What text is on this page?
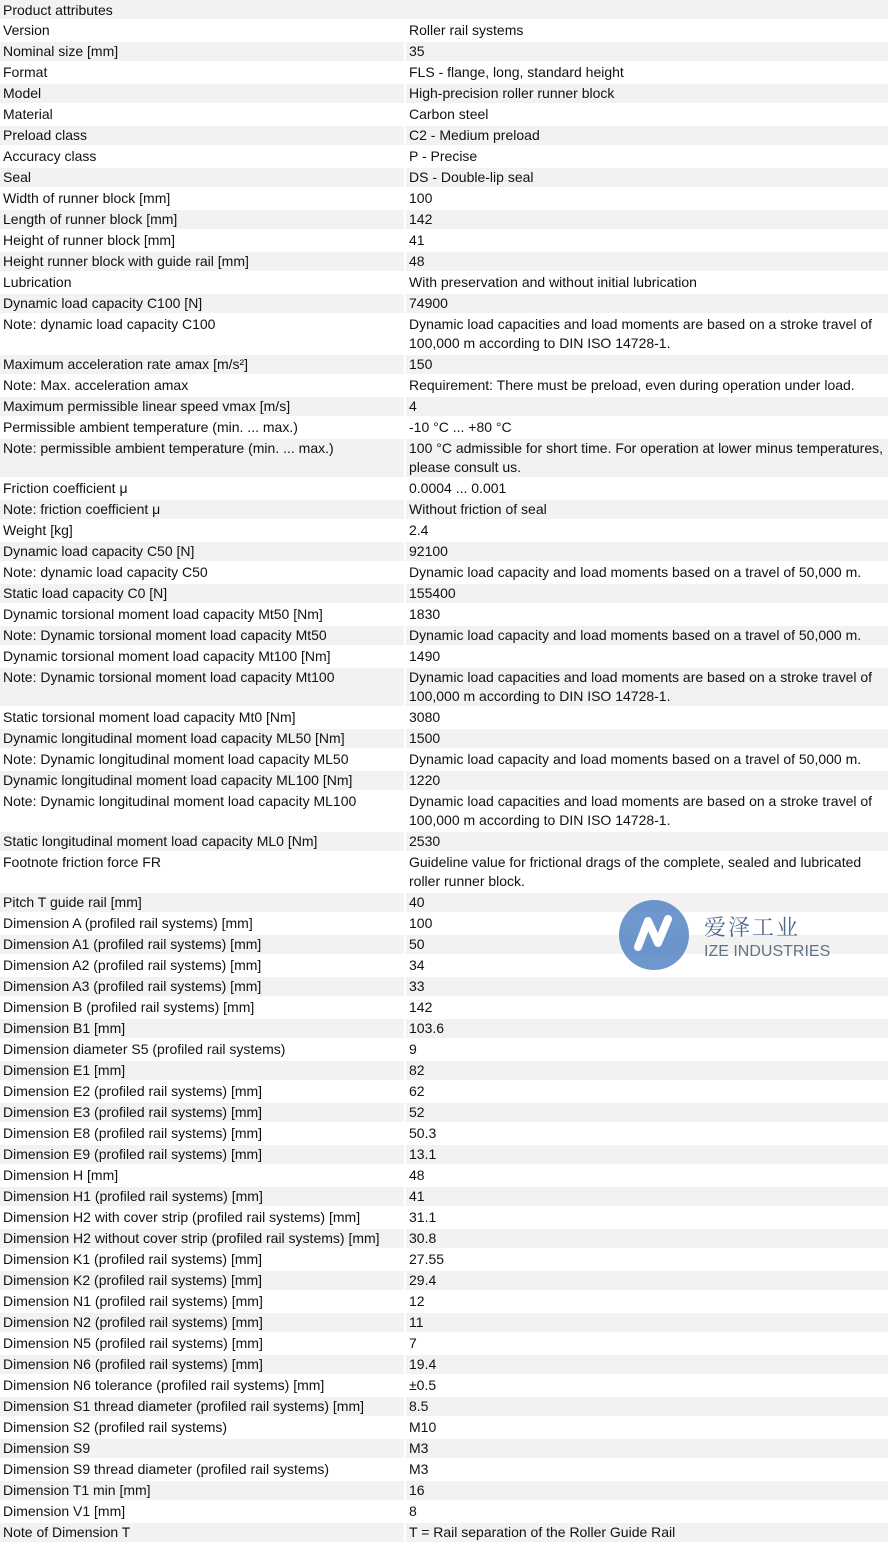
Product attributes
Version	Roller rail systems
Nominal size [mm]	35
Format	FLS - flange, long, standard height
Model	High-precision roller runner block
Material	Carbon steel
Preload class	C2 - Medium preload
Accuracy class	P - Precise
Seal	DS - Double-lip seal
Width of runner block [mm]	100
Length of runner block [mm]	142
Height of runner block [mm]	41
Height runner block with guide rail [mm]	48
Lubrication	With preservation and without initial lubrication
Dynamic load capacity C100 [N]	74900
Note: dynamic load capacity C100	Dynamic load capacities and load moments are based on a stroke travel of 100,000 m according to DIN ISO 14728-1.
Maximum acceleration rate amax [m/s²]	150
Note: Max. acceleration amax	Requirement: There must be preload, even during operation under load.
Maximum permissible linear speed vmax [m/s]	4
Permissible ambient temperature (min. ... max.)	-10 °C ... +80 °C
Note: permissible ambient temperature (min. ... max.)	100 °C admissible for short time. For operation at lower minus temperatures, please consult us.
Friction coefficient μ	0.0004 ... 0.001
Note: friction coefficient μ	Without friction of seal
Weight [kg]	2.4
Dynamic load capacity C50 [N]	92100
Note: dynamic load capacity C50	Dynamic load capacity and load moments based on a travel of 50,000 m.
Static load capacity C0 [N]	155400
Dynamic torsional moment load capacity Mt50 [Nm]	1830
Note: Dynamic torsional moment load capacity Mt50	Dynamic load capacity and load moments based on a travel of 50,000 m.
Dynamic torsional moment load capacity Mt100 [Nm]	1490
Note: Dynamic torsional moment load capacity Mt100	Dynamic load capacities and load moments are based on a stroke travel of 100,000 m according to DIN ISO 14728-1.
Static torsional moment load capacity Mt0 [Nm]	3080
Dynamic longitudinal moment load capacity ML50 [Nm]	1500
Note: Dynamic longitudinal moment load capacity ML50	Dynamic load capacity and load moments based on a travel of 50,000 m.
Dynamic longitudinal moment load capacity ML100 [Nm]	1220
Note: Dynamic longitudinal moment load capacity ML100	Dynamic load capacities and load moments are based on a stroke travel of 100,000 m according to DIN ISO 14728-1.
Static longitudinal moment load capacity ML0 [Nm]	2530
Footnote friction force FR	Guideline value for frictional drags of the complete, sealed and lubricated roller runner block.
Pitch T guide rail [mm]	40
Dimension A (profiled rail systems) [mm]	100
Dimension A1 (profiled rail systems) [mm]	50
Dimension A2 (profiled rail systems) [mm]	34
Dimension A3 (profiled rail systems) [mm]	33
Dimension B (profiled rail systems) [mm]	142
Dimension B1 [mm]	103.6
Dimension diameter S5 (profiled rail systems)	9
Dimension E1 [mm]	82
Dimension E2 (profiled rail systems) [mm]	62
Dimension E3 (profiled rail systems) [mm]	52
Dimension E8 (profiled rail systems) [mm]	50.3
Dimension E9 (profiled rail systems) [mm]	13.1
Dimension H [mm]	48
Dimension H1 (profiled rail systems) [mm]	41
Dimension H2 with cover strip (profiled rail systems) [mm]	31.1
Dimension H2 without cover strip (profiled rail systems) [mm]	30.8
Dimension K1 (profiled rail systems) [mm]	27.55
Dimension K2 (profiled rail systems) [mm]	29.4
Dimension N1 (profiled rail systems) [mm]	12
Dimension N2 (profiled rail systems) [mm]	11
Dimension N5 (profiled rail systems) [mm]	7
Dimension N6 (profiled rail systems) [mm]	19.4
Dimension N6 tolerance (profiled rail systems) [mm]	±0.5
Dimension S1 thread diameter (profiled rail systems) [mm]	8.5
Dimension S2 (profiled rail systems)	M10
Dimension S9	M3
Dimension S9 thread diameter (profiled rail systems)	M3
Dimension T1 min [mm]	16
Dimension V1 [mm]	8
Note of Dimension T	T = Rail separation of the Roller Guide Rail
爱泽工业
IZE INDUSTRIES
